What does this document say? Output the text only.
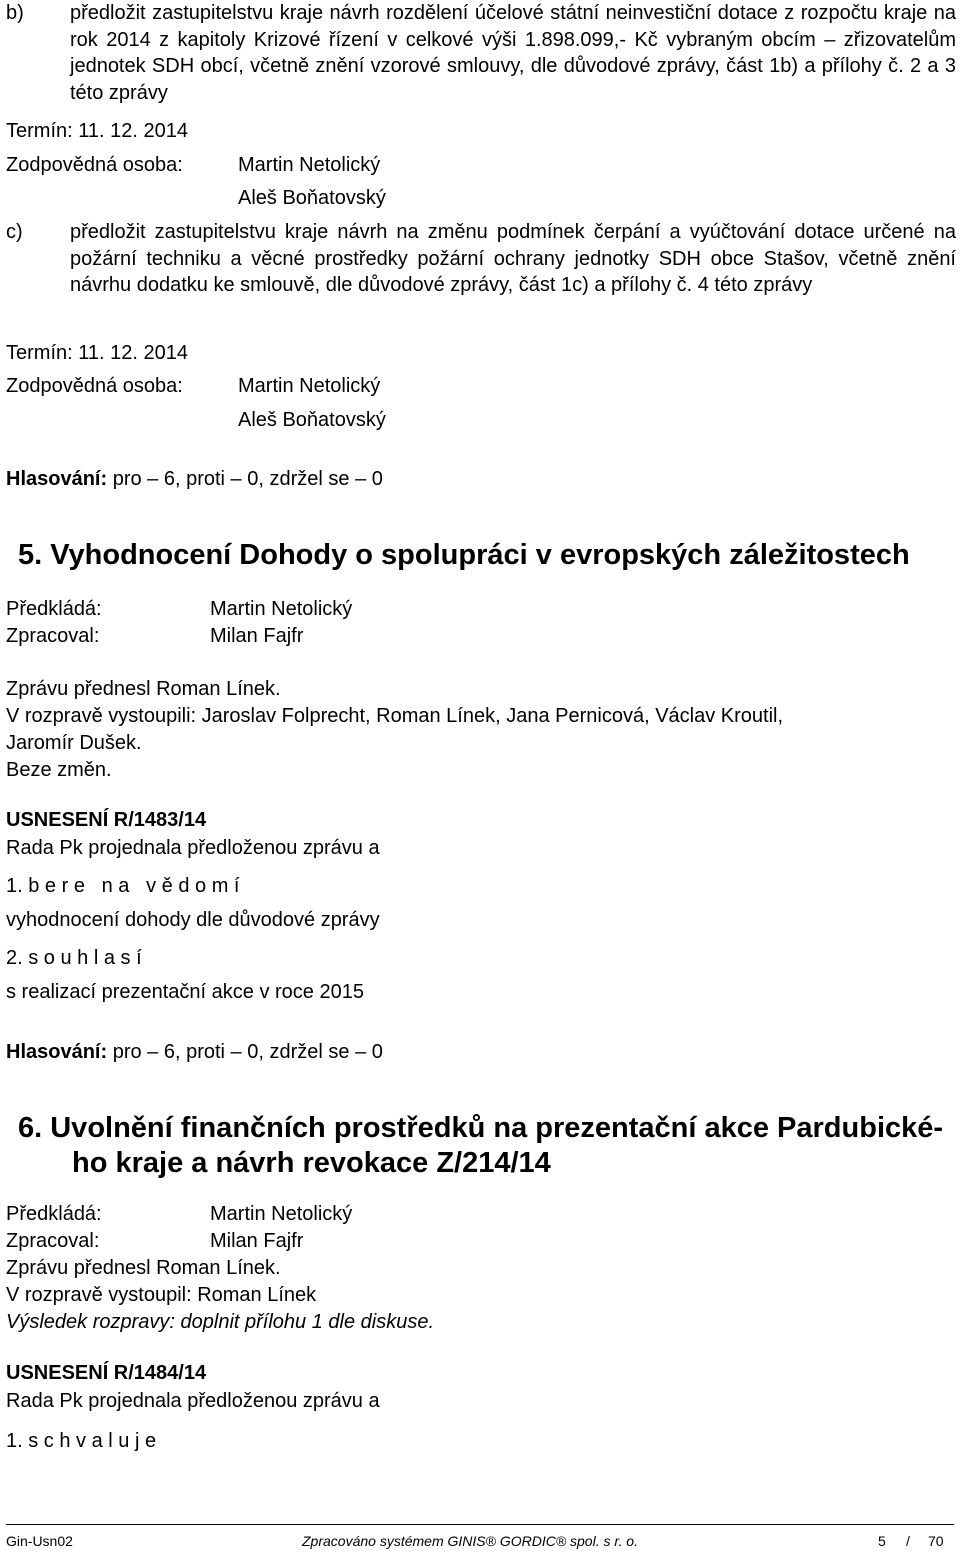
b) předložit zastupitelstvu kraje návrh rozdělení účelové státní neinvestiční dotace z rozpočtu kraje na rok 2014 z kapitoly Krizové řízení v celkové výši 1.898.099,- Kč vybraným obcím – zřizovatelům jednotek SDH obcí, včetně znění vzorové smlouvy, dle důvodové zprávy, část 1b) a přílohy č. 2 a 3 této zprávy
Termín: 11. 12. 2014
Zodpovědná osoba:	Martin Netolický
Aleš Boňatovský
c) předložit zastupitelstvu kraje návrh na změnu podmínek čerpání a vyúčtování dotace určené na požární techniku a věcné prostředky požární ochrany jednotky SDH obce Stašov, včetně znění návrhu dodatku ke smlouvě, dle důvodové zprávy, část 1c) a přílohy č. 4 této zprávy
Termín: 11. 12. 2014
Zodpovědná osoba:	Martin Netolický
Aleš Boňatovský
Hlasování: pro – 6, proti – 0, zdržel se – 0
5. Vyhodnocení Dohody o spolupráci v evropských záležitostech
Předkládá:	Martin Netolický
Zpracoval:	Milan Fajfr
Zprávu přednesl Roman Línek.
V rozpravě vystoupili: Jaroslav Folprecht, Roman Línek, Jana Pernicová, Václav Kroutil,
Jaromír Dušek.
Beze změn.
USNESENÍ R/1483/14
Rada Pk projednala předloženou zprávu a
1. b e r e   n a   v ě d o m í
vyhodnocení dohody dle důvodové zprávy
2. s o u h l a s í
s realizací prezentační akce v roce 2015
Hlasování: pro – 6, proti – 0, zdržel se – 0
6. Uvolnění finančních prostředků na prezentační akce Pardubické-
ho kraje a návrh revokace Z/214/14
Předkládá:	Martin Netolický
Zpracoval:	Milan Fajfr
Zprávu přednesl Roman Línek.
V rozpravě vystoupil: Roman Línek
Výsledek rozpravy: doplnit přílohu 1 dle diskuse.
USNESENÍ R/1484/14
Rada Pk projednala předloženou zprávu a
1. s c h v a l u j e
Gin-Usn02	Zpracováno systémem GINIS® GORDIC® spol. s r. o.	5 / 70
